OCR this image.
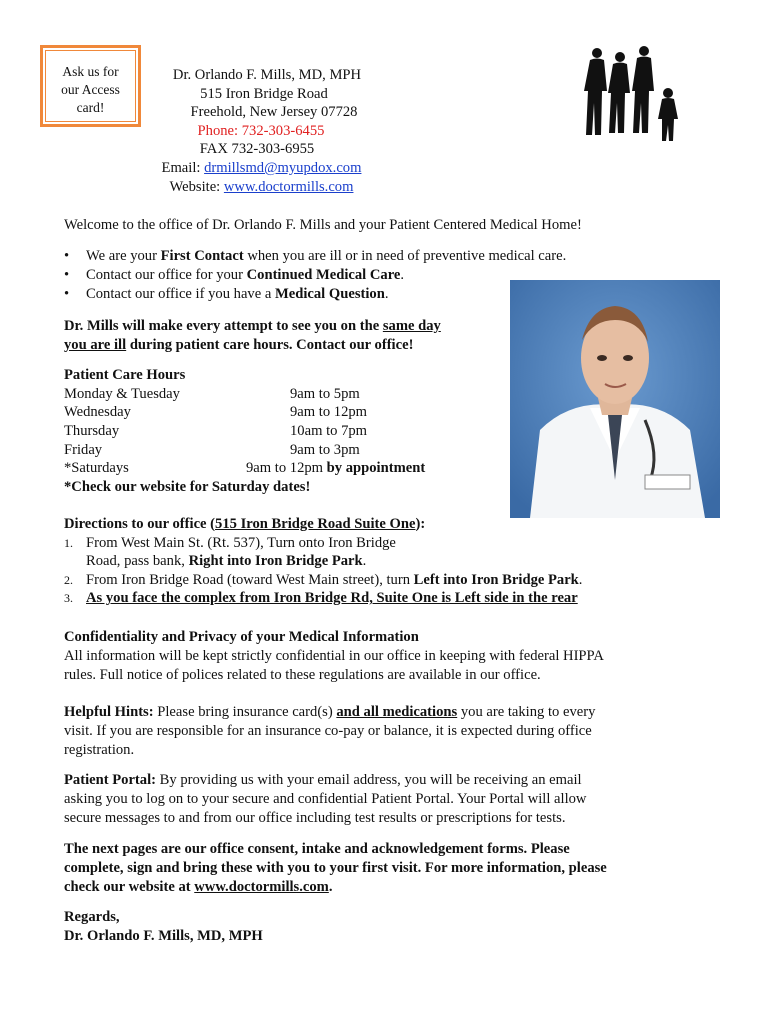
Ask us for
our Access
card!
Dr. Orlando F. Mills, MD, MPH
515 Iron Bridge Road
Freehold, New Jersey 07728
Phone: 732-303-6455
FAX 732-303-6955
Email: drmillsmd@myupdox.com
Website: www.doctormills.com
Welcome to the office of Dr. Orlando F. Mills and your Patient Centered Medical Home!
• We are your First Contact when you are ill or in need of preventive medical care.
• Contact our office for your Continued Medical Care.
• Contact our office if you have a Medical Question.
Dr. Mills will make every attempt to see you on the same day
you are ill during patient care hours. Contact our office!
Patient Care Hours
Monday & Tuesday	9am to 5pm
Wednesday	9am to 12pm
Thursday	10am to 7pm
Friday	9am to 3pm
*Saturdays	9am to 12pm by appointment
*Check our website for Saturday dates!
Directions to our office (515 Iron Bridge Road Suite One):
1. From West Main St. (Rt. 537), Turn onto Iron Bridge
Road, pass bank, Right into Iron Bridge Park.
2. From Iron Bridge Road (toward West Main street), turn Left into Iron Bridge Park.
3. As you face the complex from Iron Bridge Rd, Suite One is Left side in the rear
Confidentiality and Privacy of your Medical Information
All information will be kept strictly confidential in our office in keeping with federal HIPPA
rules. Full notice of polices related to these regulations are available in our office.
Helpful Hints: Please bring insurance card(s) and all medications you are taking to every
visit. If you are responsible for an insurance co-pay or balance, it is expected during office
registration.
Patient Portal: By providing us with your email address, you will be receiving an email
asking you to log on to your secure and confidential Patient Portal. Your Portal will allow
secure messages to and from our office including test results or prescriptions for tests.
The next pages are our office consent, intake and acknowledgement forms. Please
complete, sign and bring these with you to your first visit. For more information, please
check our website at www.doctormills.com.
Regards,
Dr. Orlando F. Mills, MD, MPH
